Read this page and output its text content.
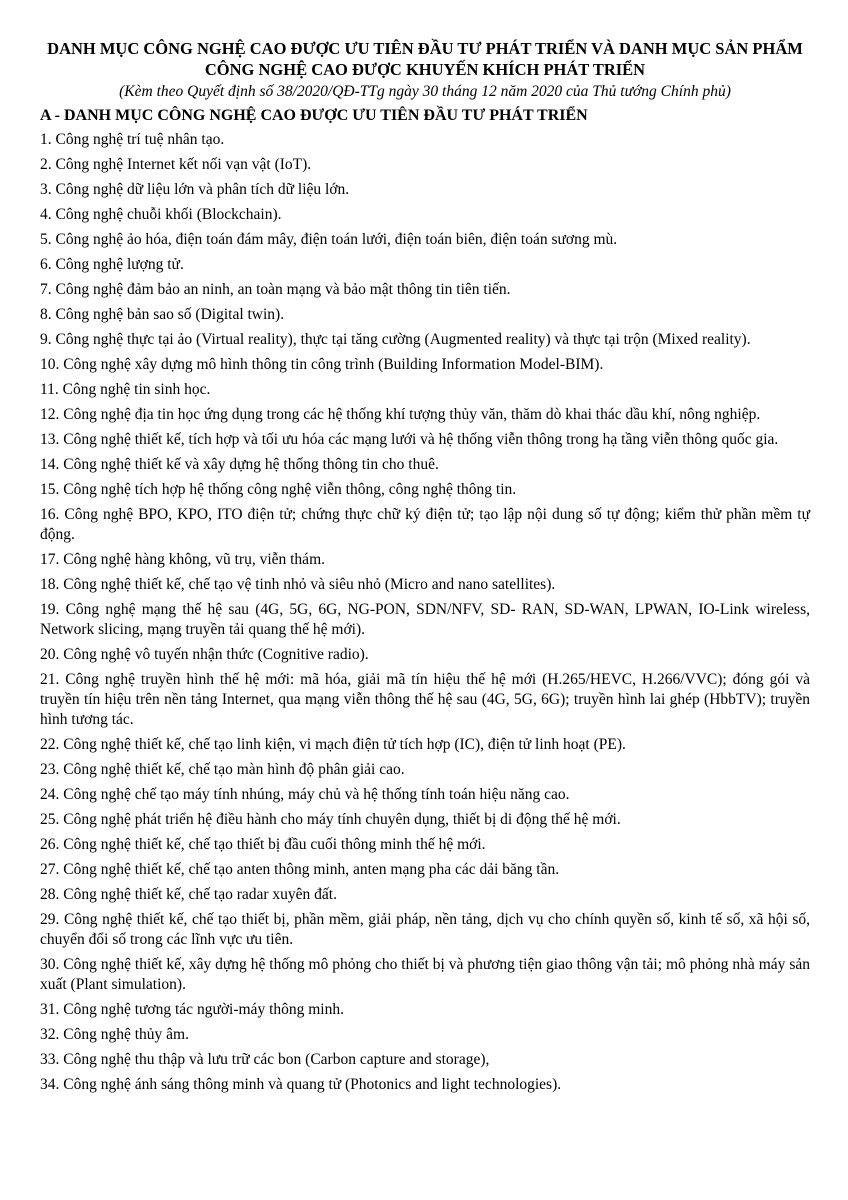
DANH MỤC CÔNG NGHỆ CAO ĐƯỢC ƯU TIÊN ĐẦU TƯ PHÁT TRIỂN VÀ DANH MỤC SẢN PHẨM CÔNG NGHỆ CAO ĐƯỢC KHUYẾN KHÍCH PHÁT TRIỂN

(Kèm theo Quyết định số 38/2020/QĐ-TTg ngày 30 tháng 12 năm 2020 của Thủ tướng Chính phủ)

A - DANH MỤC CÔNG NGHỆ CAO ĐƯỢC ƯU TIÊN ĐẦU TƯ PHÁT TRIỂN
1. Công nghệ trí tuệ nhân tạo.
2. Công nghệ Internet kết nối vạn vật (IoT).
3. Công nghệ dữ liệu lớn và phân tích dữ liệu lớn.
4. Công nghệ chuỗi khối (Blockchain).
5. Công nghệ ảo hóa, điện toán đám mây, điện toán lưới, điện toán biên, điện toán sương mù.
6. Công nghệ lượng tử.
7. Công nghệ đảm bảo an ninh, an toàn mạng và bảo mật thông tin tiên tiến.
8. Công nghệ bản sao số (Digital twin).
9. Công nghệ thực tại ảo (Virtual reality), thực tại tăng cường (Augmented reality) và thực tại trộn (Mixed reality).
10. Công nghệ xây dựng mô hình thông tin công trình (Building Information Model-BIM).
11. Công nghệ tin sinh học.
12. Công nghệ địa tin học ứng dụng trong các hệ thống khí tượng thủy văn, thăm dò khai thác dầu khí, nông nghiệp.
13. Công nghệ thiết kế, tích hợp và tối ưu hóa các mạng lưới và hệ thống viễn thông trong hạ tầng viễn thông quốc gia.
14. Công nghệ thiết kế và xây dựng hệ thống thông tin cho thuê.
15. Công nghệ tích hợp hệ thống công nghệ viễn thông, công nghệ thông tin.
16. Công nghệ BPO, KPO, ITO điện tử; chứng thực chữ ký điện tử; tạo lập nội dung số tự động; kiểm thử phần mềm tự động.
17. Công nghệ hàng không, vũ trụ, viễn thám.
18. Công nghệ thiết kế, chế tạo vệ tinh nhỏ và siêu nhỏ (Micro and nano satellites).
19. Công nghệ mạng thế hệ sau (4G, 5G, 6G, NG-PON, SDN/NFV, SD- RAN, SD-WAN, LPWAN, IO-Link wireless, Network slicing, mạng truyền tải quang thế hệ mới).
20. Công nghệ vô tuyến nhận thức (Cognitive radio).
21. Công nghệ truyền hình thế hệ mới: mã hóa, giải mã tín hiệu thế hệ mới (H.265/HEVC, H.266/VVC); đóng gói và truyền tín hiệu trên nền tảng Internet, qua mạng viễn thông thế hệ sau (4G, 5G, 6G); truyền hình lai ghép (HbbTV); truyền hình tương tác.
22. Công nghệ thiết kế, chế tạo linh kiện, vi mạch điện tử tích hợp (IC), điện tử linh hoạt (PE).
23. Công nghệ thiết kế, chế tạo màn hình độ phân giải cao.
24. Công nghệ chế tạo máy tính nhúng, máy chủ và hệ thống tính toán hiệu năng cao.
25. Công nghệ phát triển hệ điều hành cho máy tính chuyên dụng, thiết bị di động thế hệ mới.
26. Công nghệ thiết kế, chế tạo thiết bị đầu cuối thông minh thế hệ mới.
27. Công nghệ thiết kế, chế tạo anten thông minh, anten mạng pha các dải băng tần.
28. Công nghệ thiết kế, chế tạo radar xuyên đất.
29. Công nghệ thiết kế, chế tạo thiết bị, phần mềm, giải pháp, nền tảng, dịch vụ cho chính quyền số, kinh tế số, xã hội số, chuyển đổi số trong các lĩnh vực ưu tiên.
30. Công nghệ thiết kế, xây dựng hệ thống mô phỏng cho thiết bị và phương tiện giao thông vận tải; mô phỏng nhà máy sản xuất (Plant simulation).
31. Công nghệ tương tác người-máy thông minh.
32. Công nghệ thủy âm.
33. Công nghệ thu thập và lưu trữ các bon (Carbon capture and storage),
34. Công nghệ ánh sáng thông minh và quang tử (Photonics and light technologies).
